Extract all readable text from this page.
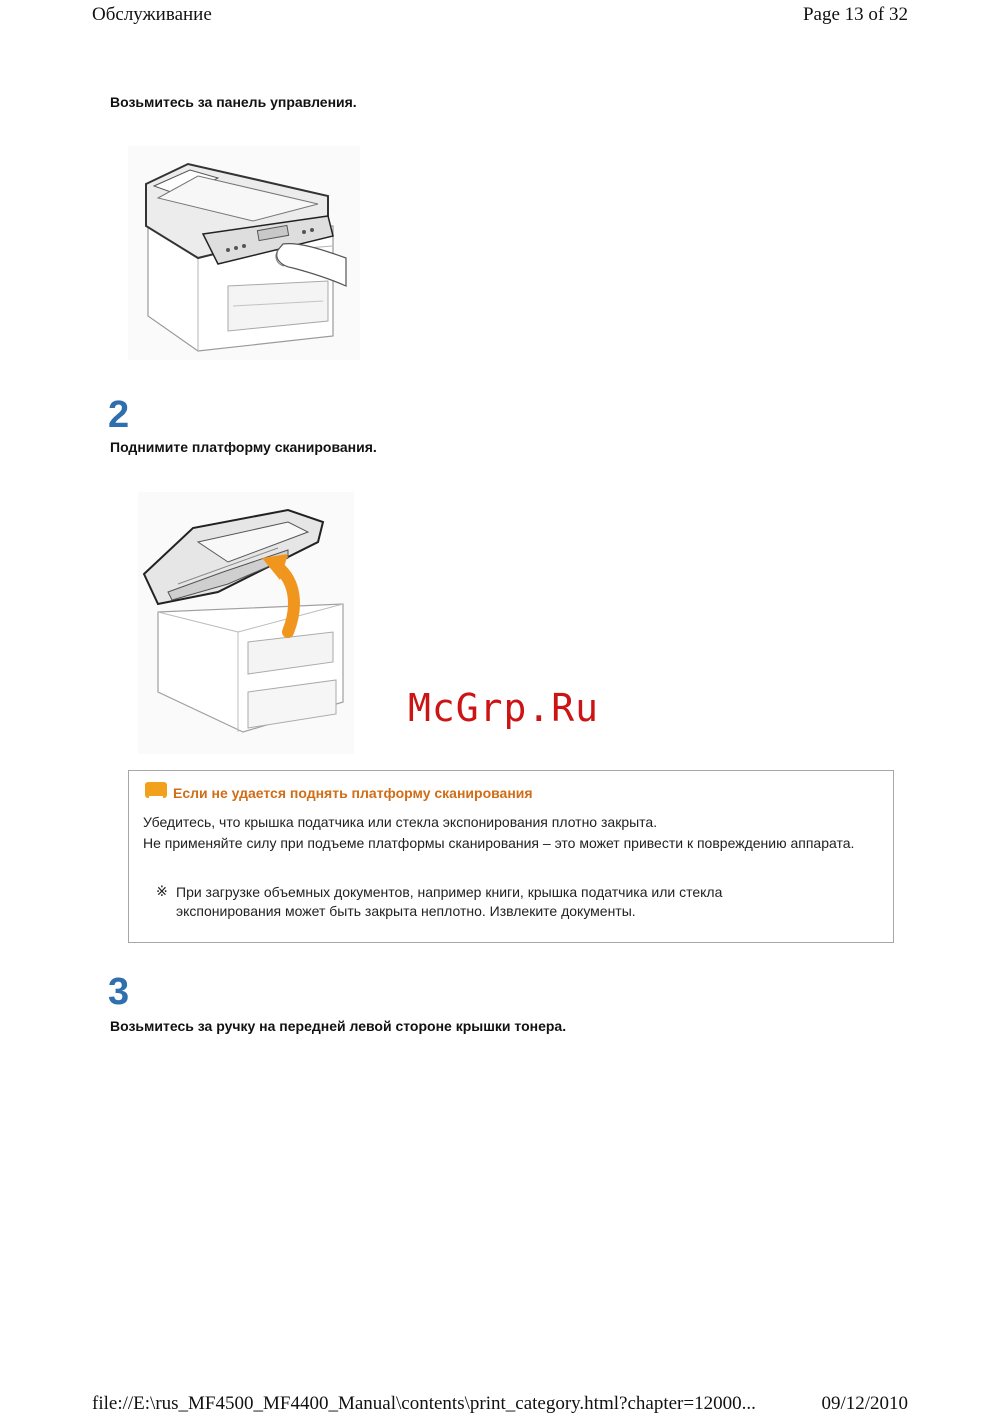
Обслуживание	Page 13 of 32
Возьмитесь за панель управления.
2
Поднимите платформу сканирования.
McGrp.Ru
Если не удается поднять платформу сканирования
Убедитесь, что крышка податчика или стекла экспонирования плотно закрыта.
Не применяйте силу при подъеме платформы сканирования – это может привести к повреждению аппарата.
※ При загрузке объемных документов, например книги, крышка податчика или стекла экспонирования может быть закрыта неплотно. Извлеките документы.
3
Возьмитесь за ручку на передней левой стороне крышки тонера.
file://E:\rus_MF4500_MF4400_Manual\contents\print_category.html?chapter=12000...	09/12/2010
